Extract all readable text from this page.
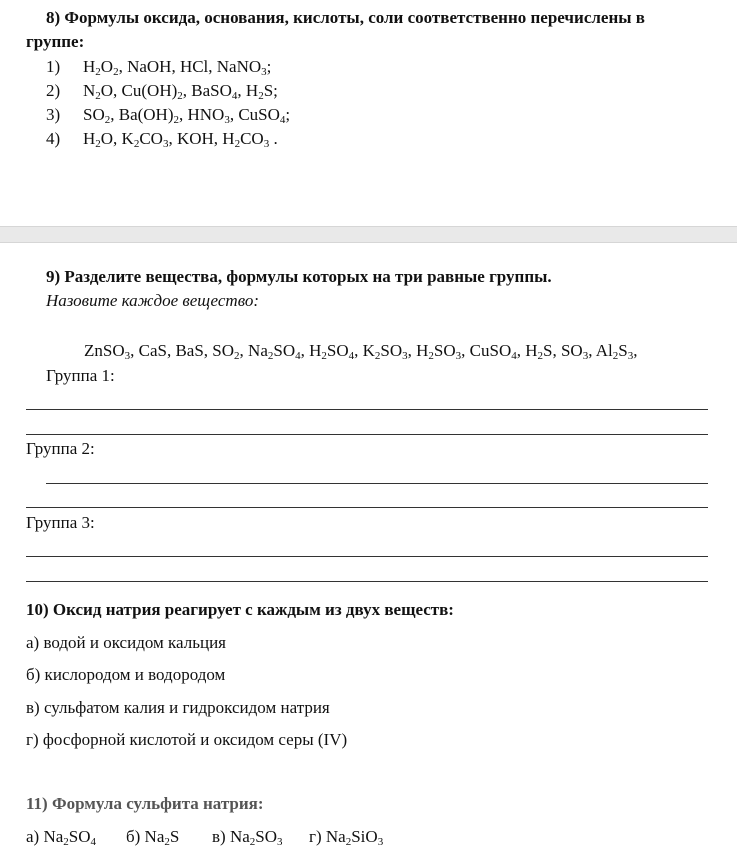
8) Формулы оксида, основания, кислоты, соли соответственно перечислены в
группе:
1) $H_2O_2$, NaOH, HCl, NaNO$_3$;
2) $N_2O$, $Cu(OH)_2$, BaSO$_4$, $H_2S$;
3) $SO_2$, $Ba(OH)_2$, $HNO_3$, CuSO$_4$;
4) $H_2O$, $K_2CO_3$, KOH, $H_2CO_3$ .
9) Разделите вещества, формулы которых на три равные группы.
Назовите каждое вещество:
ZnSO$_3$, CaS, BaS, $SO_2$, $Na_2SO_4$, $H_2SO_4$, $K_2SO_3$, $H_2SO_3$, CuSO$_4$, $H_2S$, $SO_3$, $Al_2S_3$,
Группа 1:
Группа 2:
Группа 3:
10) Оксид натрия реагирует с каждым из двух веществ:
а) водой и оксидом кальция
б) кислородом и водородом
в) сульфатом калия и гидроксидом натрия
г) фосфорной кислотой и оксидом серы (IV)
11) Формула сульфита натрия:
а) $Na_2SO_4$ б) $Na_2S$ в) $Na_2SO_3$ г) $Na_2SiO_3$
